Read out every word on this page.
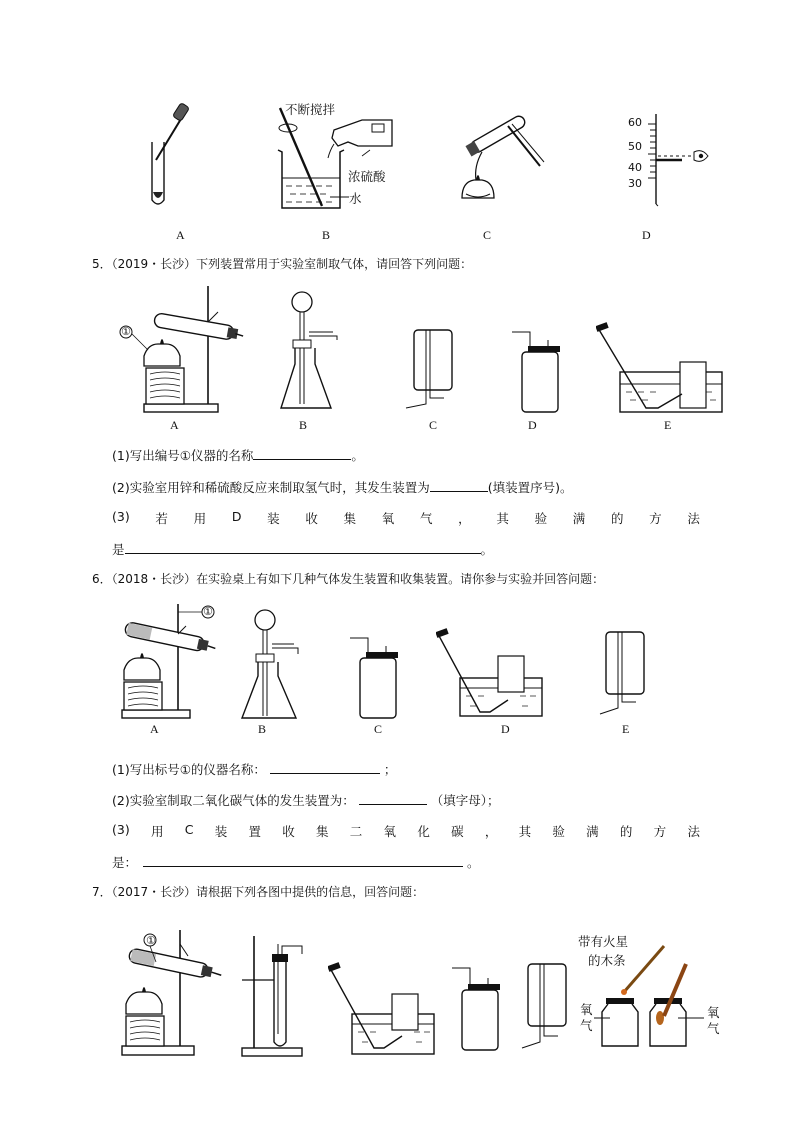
不断搅拌
浓硫酸
水
60
50
40
30
A	B	C	D
5．（2019・长沙）下列装置常用于实验室制取气体，请回答下列问题：
①
A	B	C	D	E
(1)写出编号①仪器的名称	。
(2)实验室用锌和稀硫酸反应来制取氢气时，其发生装置为	(填装置序号)。
(3) 若 用 D 装 收 集 氧 气 ， 其 验 满 的 方 法
是	。
6．（2018・长沙）在实验桌上有如下几种气体发生装置和收集装置。请你参与实验并回答问题：
①
A	B	C	D	E
(1)写出标号①的仪器名称：	；
(2)实验室制取二氧化碳气体的发生装置为：	（填字母）；
(3) 用 C 装 置 收 集 二 氧 化 碳 ， 其 验 满 的 方 法
是：	。
7．（2017・长沙）请根据下列各图中提供的信息，回答问题：
①	带有火星
的木条
氧
气
氧
气
